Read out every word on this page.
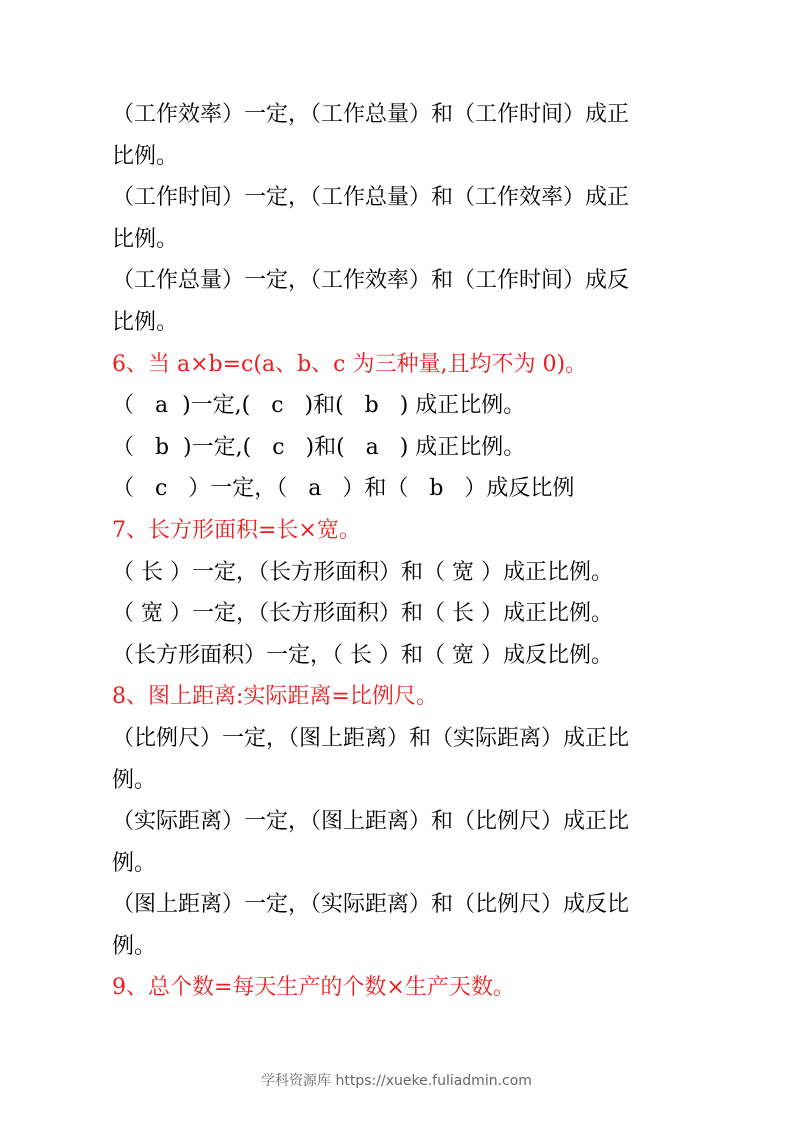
（工作效率）一定，（工作总量）和（工作时间）成正
比例。
（工作时间）一定，（工作总量）和（工作效率）成正
比例。
（工作总量）一定，（工作效率）和（工作时间）成反
比例。
6、当 a×b=c(a、b、c 为三种量,且均不为 0)。
（   a  )一定,(   c   )和(   b   ) 成正比例。
（   b  )一定,(   c   )和(   a   ) 成正比例。
（   c   ）一定，（   a   ）和（   b   ）成反比例
7、长方形面积=长×宽。
（ 长 ）一定，（长方形面积）和（ 宽 ）成正比例。
（ 宽 ）一定，（长方形面积）和（ 长 ）成正比例。
（长方形面积）一定，（ 长 ）和（ 宽 ）成反比例。
8、图上距离:实际距离=比例尺。
（比例尺）一定，（图上距离）和（实际距离）成正比
例。
（实际距离）一定，（图上距离）和（比例尺）成正比
例。
（图上距离）一定，（实际距离）和（比例尺）成反比
例。
9、总个数=每天生产的个数×生产天数。
学科资源库 https://xueke.fuliadmin.com
